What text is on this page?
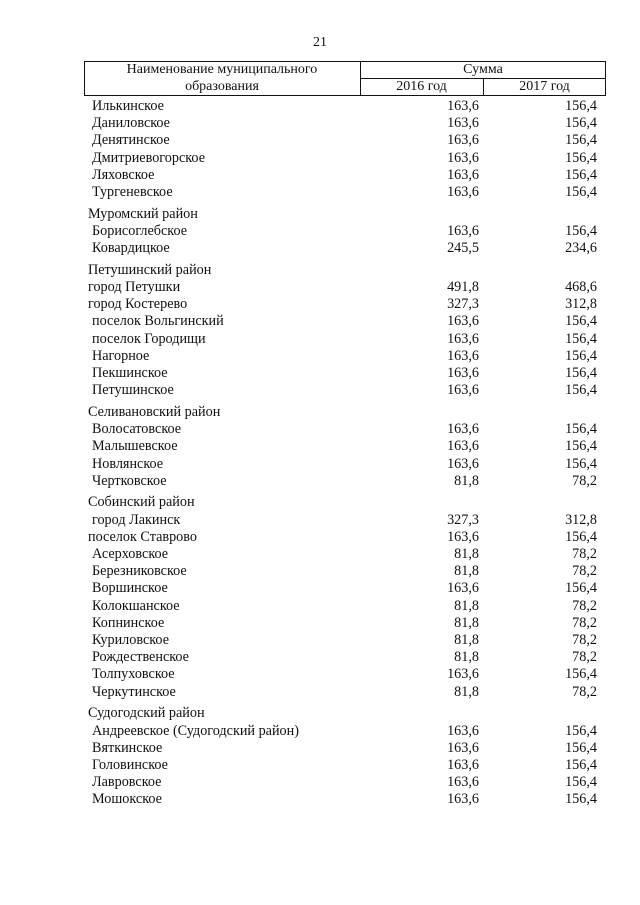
21
Наименование муниципального
образования
Сумма
2016 год	2017 год
Илькинское	163,6	156,4
Даниловское	163,6	156,4
Денятинское	163,6	156,4
Дмитриевогорское	163,6	156,4
Ляховское	163,6	156,4
Тургеневское	163,6	156,4
Муромский район
Борисоглебское	163,6	156,4
Ковардицкое	245,5	234,6
Петушинский район
город Петушки	491,8	468,6
город Костерево	327,3	312,8
поселок Вольгинский	163,6	156,4
поселок Городищи	163,6	156,4
Нагорное	163,6	156,4
Пекшинское	163,6	156,4
Петушинское	163,6	156,4
Селивановский район
Волосатовское	163,6	156,4
Малышевское	163,6	156,4
Новлянское	163,6	156,4
Чертковское	81,8	78,2
Собинский район
город Лакинск	327,3	312,8
поселок Ставрово	163,6	156,4
Асерховское	81,8	78,2
Березниковское	81,8	78,2
Воршинское	163,6	156,4
Колокшанское	81,8	78,2
Копнинское	81,8	78,2
Куриловское	81,8	78,2
Рождественское	81,8	78,2
Толпуховское	163,6	156,4
Черкутинское	81,8	78,2
Судогодский район
Андреевское (Судогодский район)	163,6	156,4
Вяткинское	163,6	156,4
Головинское	163,6	156,4
Лавровское	163,6	156,4
Мошокское	163,6	156,4
